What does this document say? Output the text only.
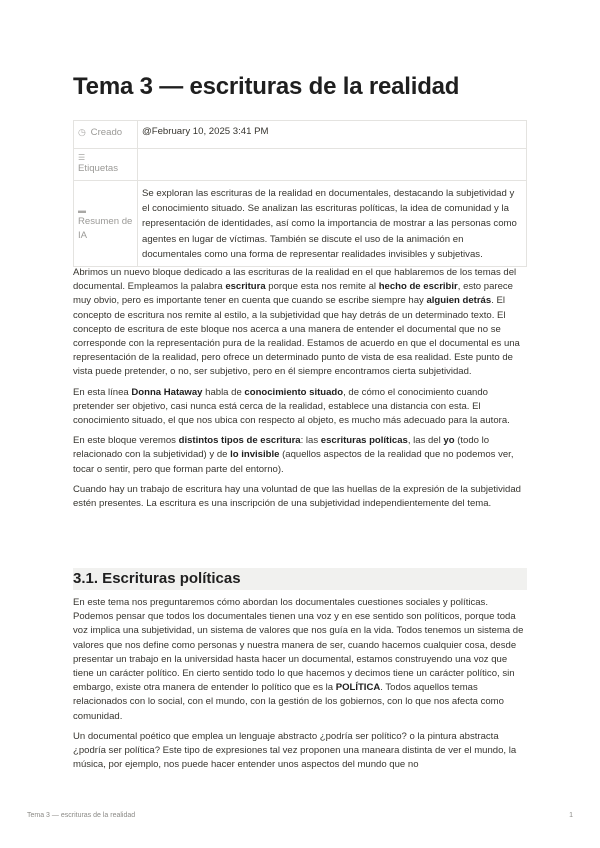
Tema 3 — escrituras de la realidad
◷ Creado	@February 10, 2025 3:41 PM

☰
Etiquetas	

▬
Resumen de IA	Se exploran las escrituras de la realidad en documentales, destacando la subjetividad y el conocimiento situado. Se analizan las escrituras políticas, la idea de comunidad y la representación de identidades, así como la importancia de mostrar a las personas como agentes en lugar de víctimas. También se discute el uso de la animación en documentales como una forma de representar realidades invisibles y subjetivas.

Abrimos un nuevo bloque dedicado a las escrituras de la realidad en el que hablaremos de los temas del documental. Empleamos la palabra escritura porque esta nos remite al hecho de escribir, esto parece muy obvio, pero es importante tener en cuenta que cuando se escribe siempre hay alguien detrás. El concepto de escritura nos remite al estilo, a la subjetividad que hay detrás de un determinado texto. El concepto de escritura de este bloque nos acerca a una manera de entender el documental que no se corresponde con la representación pura de la realidad. Estamos de acuerdo en que el documental es una representación de la realidad, pero ofrece un determinado punto de vista de esa realidad. Este punto de vista puede pretender, o no, ser subjetivo, pero en él siempre encontramos cierta subjetividad.

En esta línea Donna Hataway habla de conocimiento situado, de cómo el conocimiento cuando pretender ser objetivo, casi nunca está cerca de la realidad, establece una distancia con esta. El conocimiento situado, el que nos ubica con respecto al objeto, es mucho más adecuado para la autora.

En este bloque veremos distintos tipos de escritura: las escrituras políticas, las del yo (todo lo relacionado con la subjetividad) y de lo invisible (aquellos aspectos de la realidad que no podemos ver, tocar o sentir, pero que forman parte del entorno).

Cuando hay un trabajo de escritura hay una voluntad de que las huellas de la expresión de la subjetividad estén presentes. La escritura es una inscripción de una subjetividad independientemente del tema.

3.1. Escrituras políticas

En este tema nos preguntaremos cómo abordan los documentales cuestiones sociales y políticas. Podemos pensar que todos los documentales tienen una voz y en ese sentido son políticos, porque toda voz implica una subjetividad, un sistema de valores que nos guía en la vida. Todos tenemos un sistema de valores que nos define como personas y nuestra manera de ser, cuando hacemos cualquier cosa, desde presentar un trabajo en la universidad hasta hacer un documental, estamos construyendo una voz que tiene un carácter político. En cierto sentido todo lo que hacemos y decimos tiene un carácter político, sin embargo, existe otra manera de entender lo político que es la POLÍTICA. Todos aquellos temas relacionados con lo social, con el mundo, con la gestión de los gobiernos, con lo que nos afecta como comunidad.

Un documental poético que emplea un lenguaje abstracto ¿podría ser político? o la pintura abstracta ¿podría ser política? Este tipo de expresiones tal vez proponen una maneara distinta de ver el mundo, la música, por ejemplo, nos puede hacer entender unos aspectos del mundo que no

Tema 3 — escrituras de la realidad	1
